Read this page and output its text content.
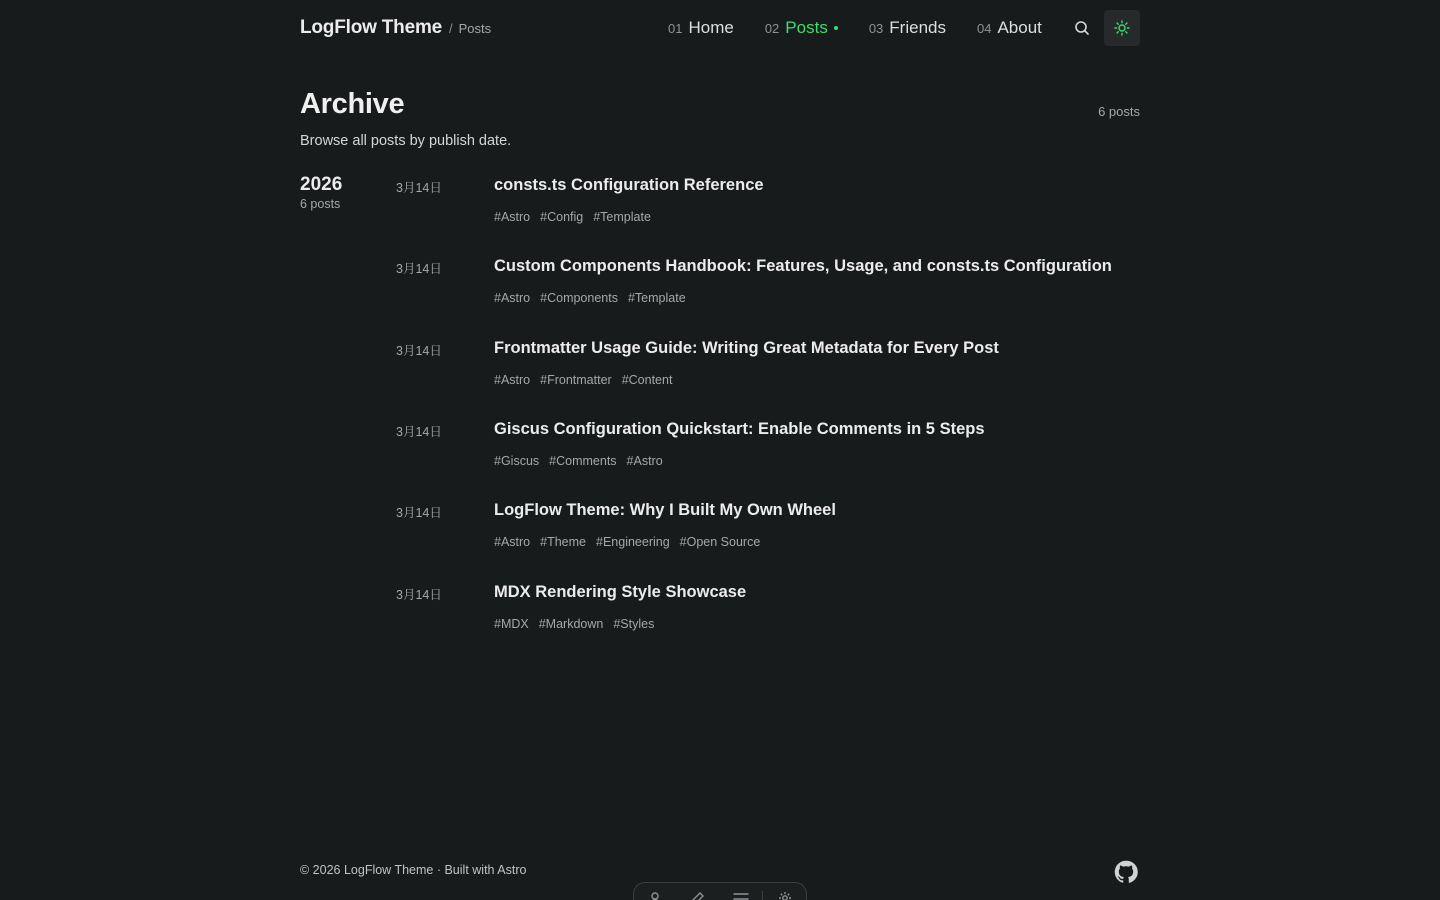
LogFlow Theme / Posts	01 Home 02 Posts	03 Friends 04 About
Archive	6 posts

Browse all posts by publish date.

2026
6 posts
3月14日	consts.ts Configuration Reference
#Astro #Config #Template
3月14日	Custom Components Handbook: Features, Usage, and consts.ts Configuration
#Astro #Components #Template
3月14日	Frontmatter Usage Guide: Writing Great Metadata for Every Post
#Astro #Frontmatter #Content
3月14日	Giscus Configuration Quickstart: Enable Comments in 5 Steps
#Giscus #Comments #Astro
3月14日	LogFlow Theme: Why I Built My Own Wheel
#Astro #Theme #Engineering #Open Source
3月14日	MDX Rendering Style Showcase
#MDX #Markdown #Styles
© 2026 LogFlow Theme · Built with Astro
